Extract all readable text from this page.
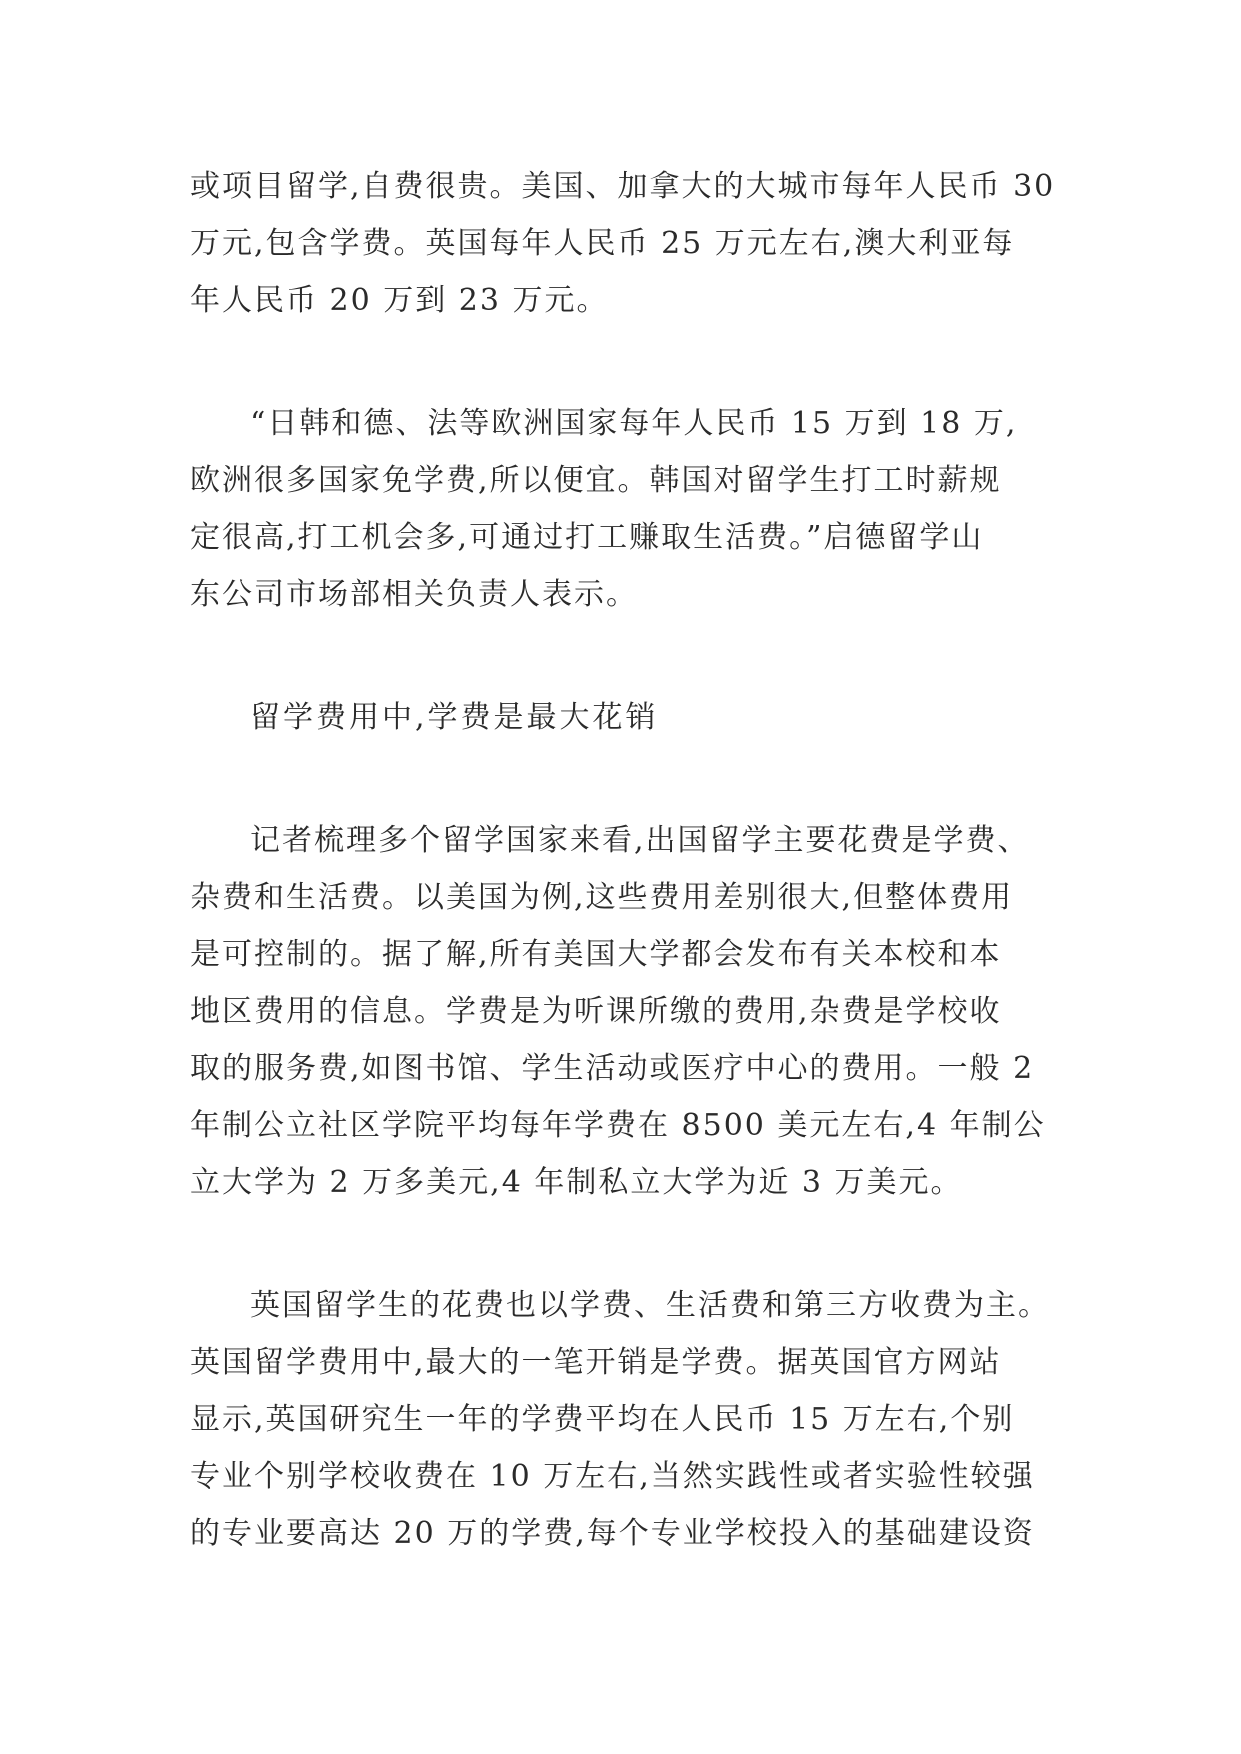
或项目留学,自费很贵。美国、加拿大的大城市每年人民币 30
万元,包含学费。英国每年人民币 25 万元左右,澳大利亚每
年人民币 20 万到 23 万元。
“日韩和德、法等欧洲国家每年人民币 15 万到 18 万,
欧洲很多国家免学费,所以便宜。韩国对留学生打工时薪规
定很高,打工机会多,可通过打工赚取生活费。”启德留学山
东公司市场部相关负责人表示。
留学费用中,学费是最大花销
记者梳理多个留学国家来看,出国留学主要花费是学费、
杂费和生活费。以美国为例,这些费用差别很大,但整体费用
是可控制的。据了解,所有美国大学都会发布有关本校和本
地区费用的信息。学费是为听课所缴的费用,杂费是学校收
取的服务费,如图书馆、学生活动或医疗中心的费用。一般 2
年制公立社区学院平均每年学费在 8500 美元左右,4 年制公
立大学为 2 万多美元,4 年制私立大学为近 3 万美元。
英国留学生的花费也以学费、生活费和第三方收费为主。
英国留学费用中,最大的一笔开销是学费。据英国官方网站
显示,英国研究生一年的学费平均在人民币 15 万左右,个别
专业个别学校收费在 10 万左右,当然实践性或者实验性较强
的专业要高达 20 万的学费,每个专业学校投入的基础建设资
